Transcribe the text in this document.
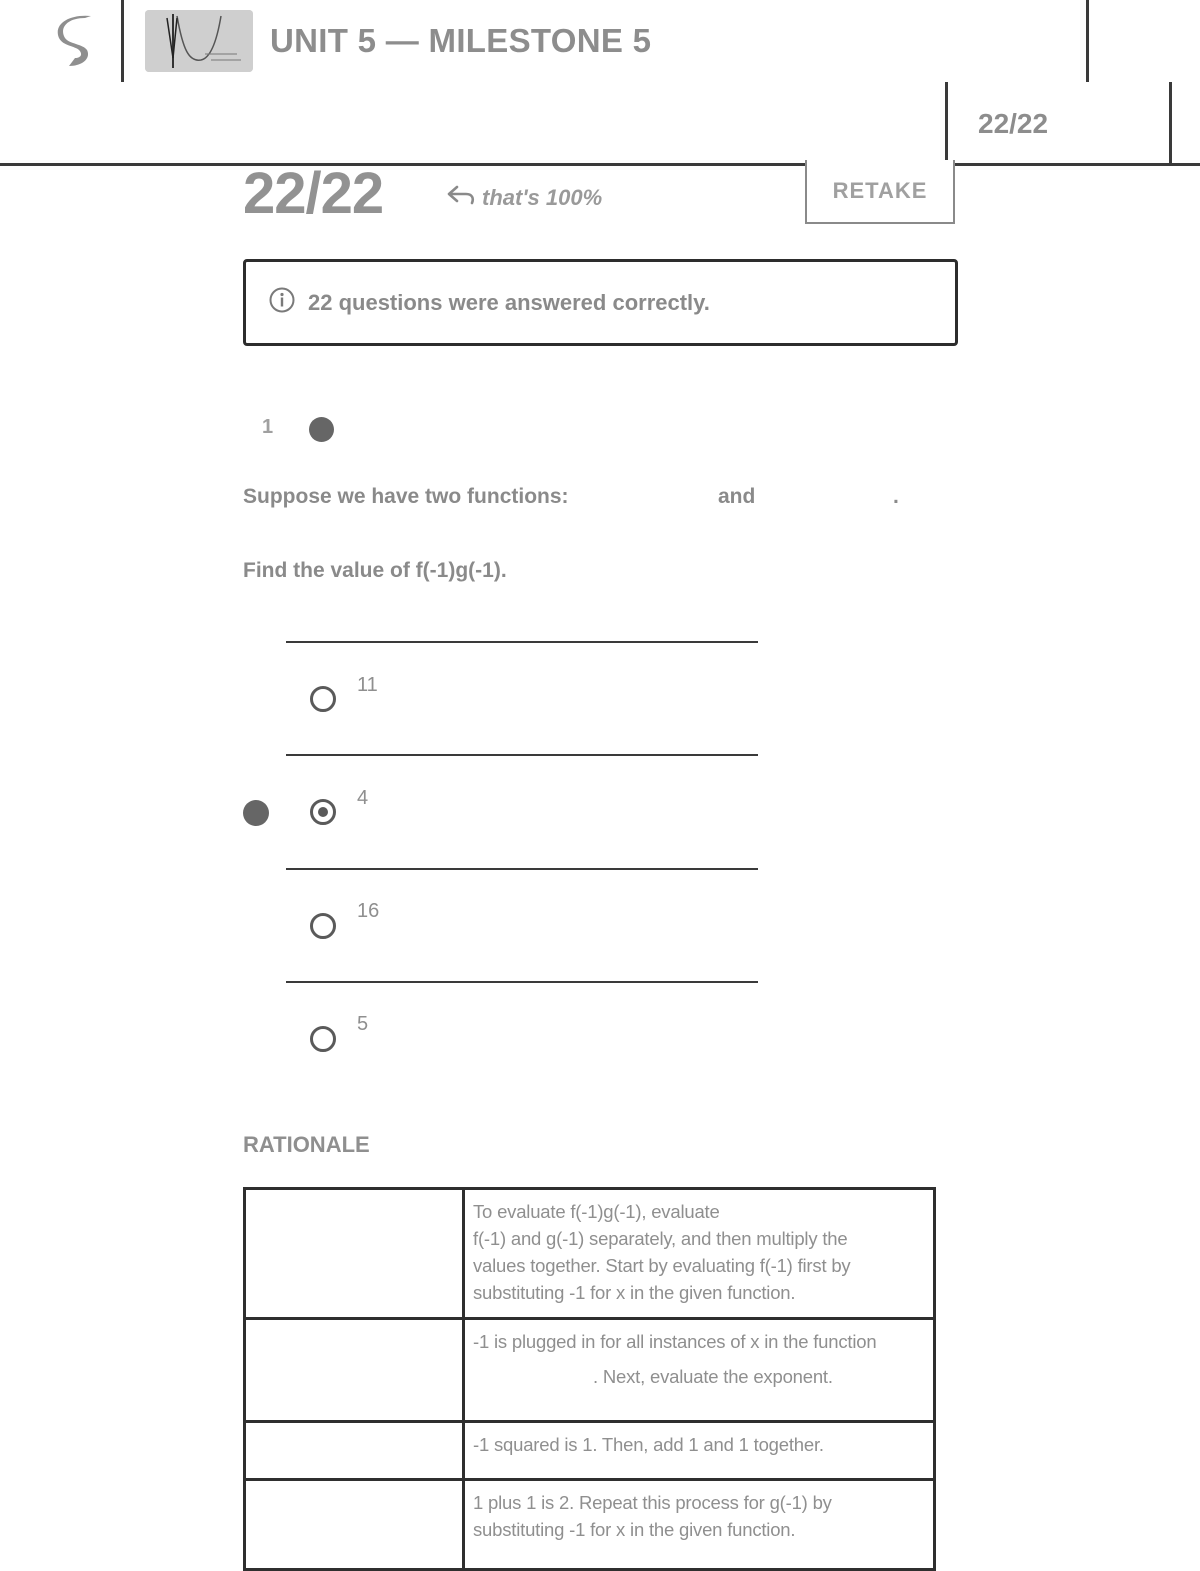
UNIT 5 — MILESTONE 5
22/22
22/22	that's 100%	RETAKE
22 questions were answered correctly.
1
Suppose we have two functions:	and	.
Find the value of f(-1)g(-1).
11
4
16
5
RATIONALE

	To evaluate f(-1)g(-1), evaluate
f(-1) and g(-1) separately, and then multiply the
values together. Start by evaluating f(-1) first by
substituting -1 for x in the given function.

	-1 is plugged in for all instances of x in the function
. Next, evaluate the exponent.

	-1 squared is 1. Then, add 1 and 1 together.

	1 plus 1 is 2. Repeat this process for g(-1) by
substituting -1 for x in the given function.
